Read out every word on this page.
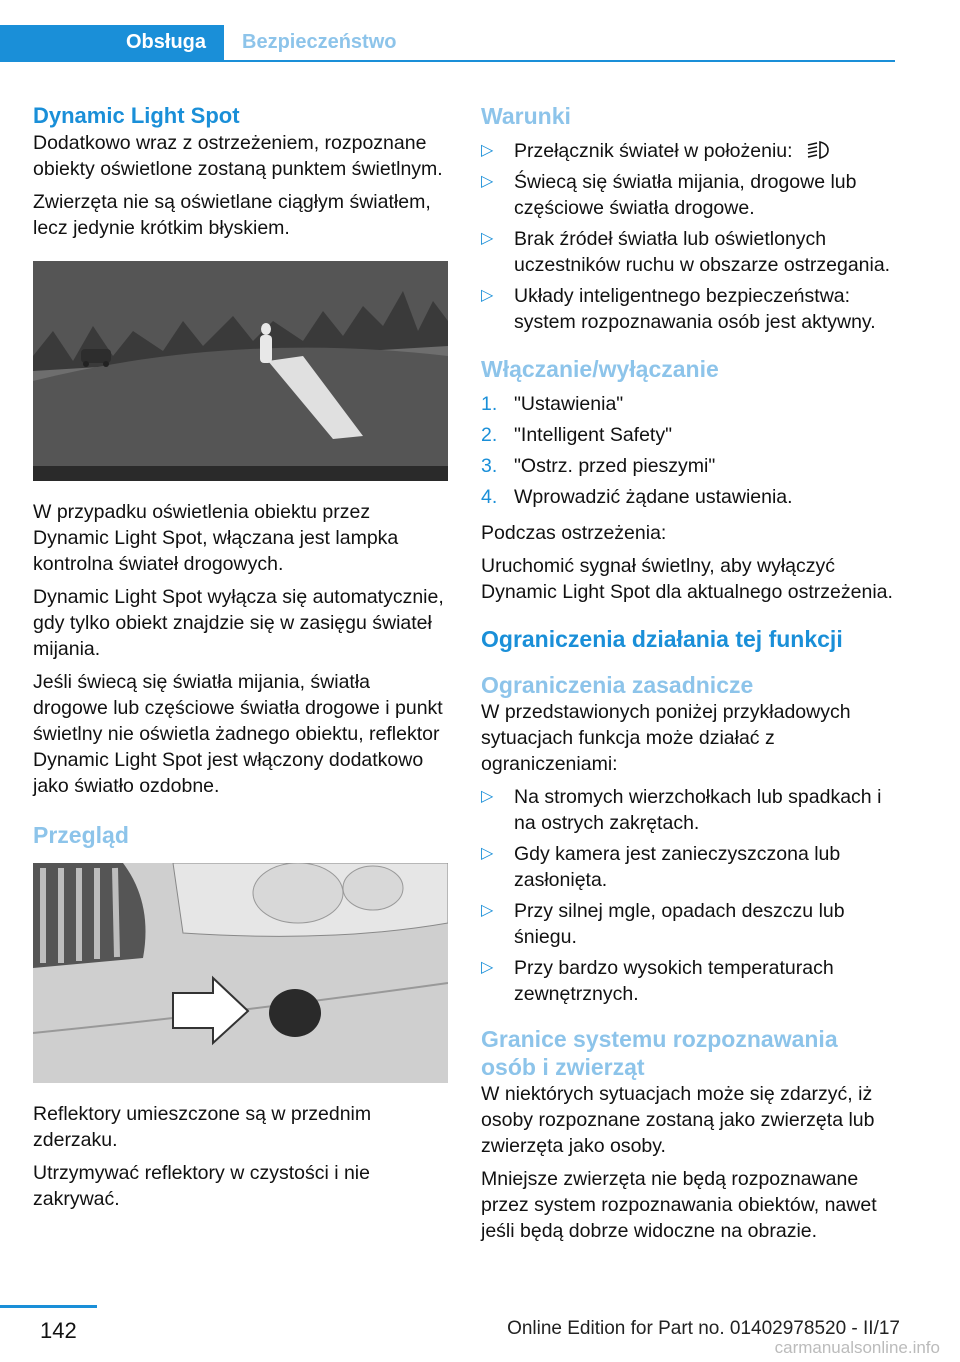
Obsługa	Bezpieczeństwo
Dynamic Light Spot

Dodatkowo wraz z ostrzeżeniem, rozpoznane obiekty oświetlone zostaną punktem świetlnym.

Zwierzęta nie są oświetlane ciągłym światłem, lecz jedynie krótkim błyskiem.

W przypadku oświetlenia obiektu przez Dynamic Light Spot, włączana jest lampka kontrolna świateł drogowych.

Dynamic Light Spot wyłącza się automatycznie, gdy tylko obiekt znajdzie się w zasięgu świateł mijania.

Jeśli świecą się światła mijania, światła drogowe lub częściowe światła drogowe i punkt świetlny nie oświetla żadnego obiektu, reflektor Dynamic Light Spot jest włączony dodatkowo jako światło ozdobne.

Przegląd

Reflektory umieszczone są w przednim zderzaku.

Utrzymywać reflektory w czystości i nie zakrywać.

Warunki
▷ Przełącznik świateł w położeniu:
▷ Świecą się światła mijania, drogowe lub częściowe światła drogowe.
▷ Brak źródeł światła lub oświetlonych uczestników ruchu w obszarze ostrzegania.
▷ Układy inteligentnego bezpieczeństwa: system rozpoznawania osób jest aktywny.
Włączanie/wyłączanie
1. "Ustawienia"
2. "Intelligent Safety"
3. "Ostrz. przed pieszymi"
4. Wprowadzić żądane ustawienia.

Podczas ostrzeżenia:

Uruchomić sygnał świetlny, aby wyłączyć Dynamic Light Spot dla aktualnego ostrzeżenia.

Ograniczenia działania tej funkcji
Ograniczenia zasadnicze

W przedstawionych poniżej przykładowych sytuacjach funkcja może działać z ograniczeniami:

▷ Na stromych wierzchołkach lub spadkach i na ostrych zakrętach.
▷ Gdy kamera jest zanieczyszczona lub zasłonięta.
▷ Przy silnej mgle, opadach deszczu lub śniegu.
▷ Przy bardzo wysokich temperaturach zewnętrznych.
Granice systemu rozpoznawania osób i zwierząt

W niektórych sytuacjach może się zdarzyć, iż osoby rozpoznane zostaną jako zwierzęta lub zwierzęta jako osoby.

Mniejsze zwierzęta nie będą rozpoznawane przez system rozpoznawania obiektów, nawet jeśli będą dobrze widoczne na obrazie.

142	Online Edition for Part no. 01402978520 - II/17
carmanualsonline.info
